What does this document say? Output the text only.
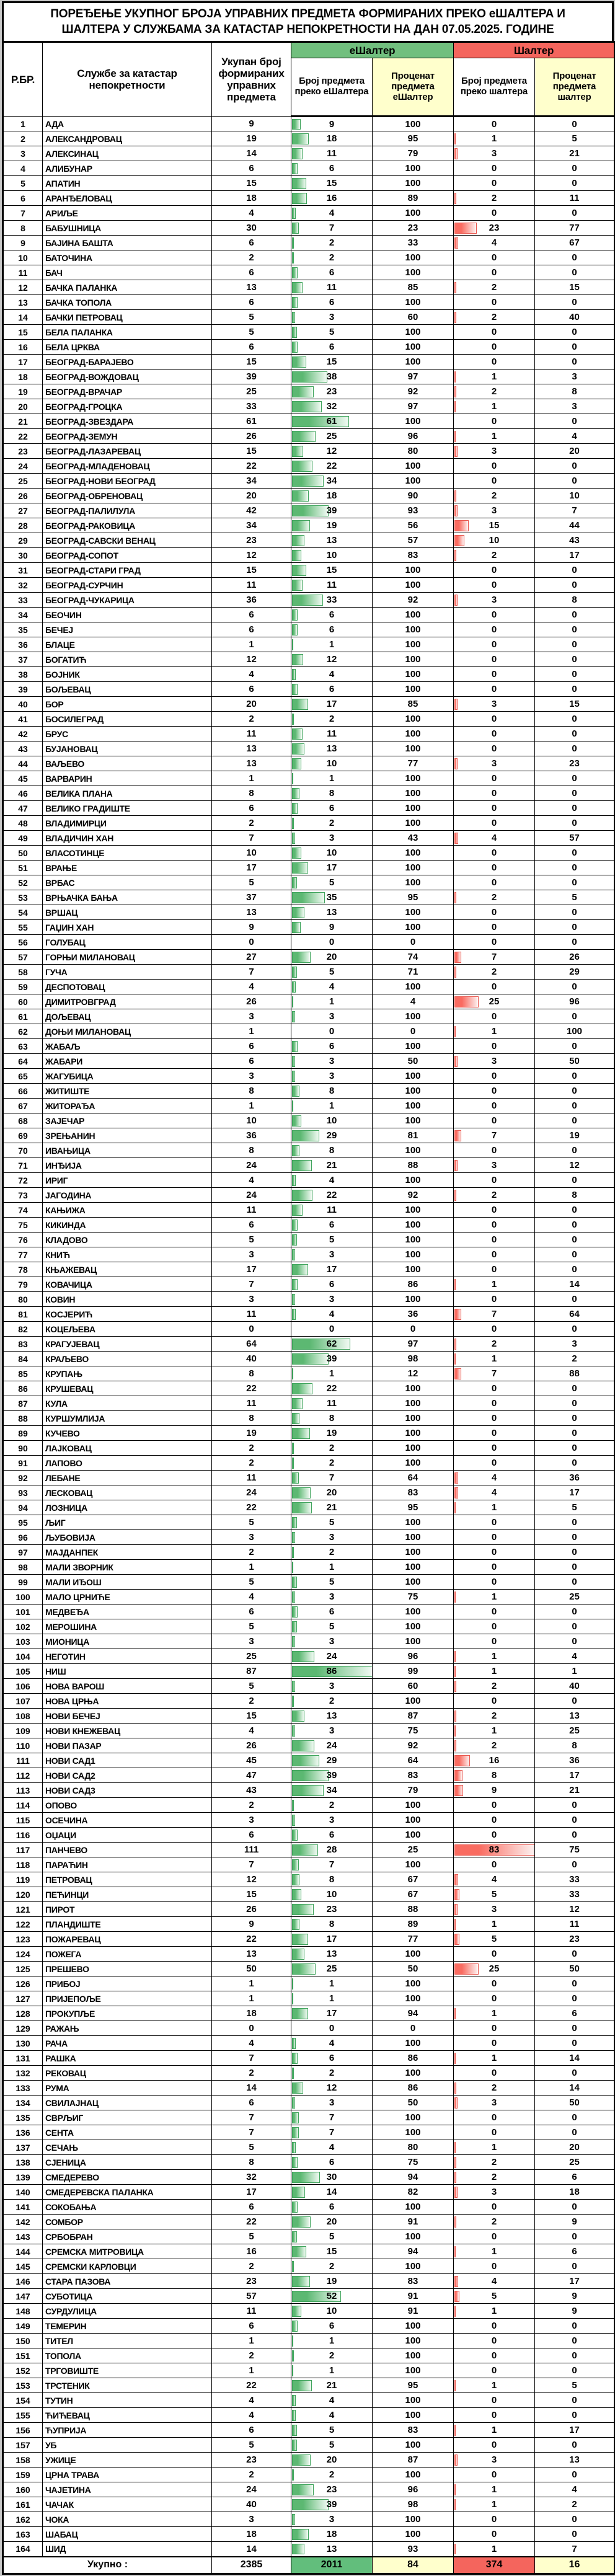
ПОРЕЂЕЊЕ УКУПНОГ БРОЈА УПРАВНИХ ПРЕДМЕТА ФОРМИРАНИХ ПРЕКО еШАЛТЕРА И
ШАЛТЕРА У СЛУЖБАМА ЗА КАТАСТАР НЕПОКРЕТНОСТИ НА ДАН 07.05.2025. ГОДИНЕ
Р.БР.	Службе за катастар непокретности	Укупан број формираних управних предмета	еШалтер		Шалтер	
			Број предмета преко еШалтера	Проценат предмета еШалтер	Број предмета преко шалтера	Проценат предмета шалтер
1	АДА	9	9	100	0	0
2	АЛЕКСАНДРОВАЦ	19	18	95	1	5
3	АЛЕКСИНАЦ	14	11	79	3	21
4	АЛИБУНАР	6	6	100	0	0
5	АПАТИН	15	15	100	0	0
6	АРАНЂЕЛОВАЦ	18	16	89	2	11
7	АРИЉЕ	4	4	100	0	0
8	БАБУШНИЦА	30	7	23	23	77
9	БАЈИНА БАШТА	6	2	33	4	67
10	БАТОЧИНА	2	2	100	0	0
11	БАЧ	6	6	100	0	0
12	БАЧКА ПАЛАНКА	13	11	85	2	15
13	БАЧКА ТОПОЛА	6	6	100	0	0
14	БАЧКИ ПЕТРОВАЦ	5	3	60	2	40
15	БЕЛА ПАЛАНКА	5	5	100	0	0
16	БЕЛА ЦРКВА	6	6	100	0	0
17	БЕОГРАД-БАРАЈЕВО	15	15	100	0	0
18	БЕОГРАД-ВОЖДОВАЦ	39	38	97	1	3
19	БЕОГРАД-ВРАЧАР	25	23	92	2	8
20	БЕОГРАД-ГРОЦКА	33	32	97	1	3
21	БЕОГРАД-ЗВЕЗДАРА	61	61	100	0	0
22	БЕОГРАД-ЗЕМУН	26	25	96	1	4
23	БЕОГРАД-ЛАЗАРЕВАЦ	15	12	80	3	20
24	БЕОГРАД-МЛАДЕНОВАЦ	22	22	100	0	0
25	БЕОГРАД-НОВИ БЕОГРАД	34	34	100	0	0
26	БЕОГРАД-ОБРЕНОВАЦ	20	18	90	2	10
27	БЕОГРАД-ПАЛИЛУЛА	42	39	93	3	7
28	БЕОГРАД-РАКОВИЦА	34	19	56	15	44
29	БЕОГРАД-САВСКИ ВЕНАЦ	23	13	57	10	43
30	БЕОГРАД-СОПОТ	12	10	83	2	17
31	БЕОГРАД-СТАРИ ГРАД	15	15	100	0	0
32	БЕОГРАД-СУРЧИН	11	11	100	0	0
33	БЕОГРАД-ЧУКАРИЦА	36	33	92	3	8
34	БЕОЧИН	6	6	100	0	0
35	БЕЧЕЈ	6	6	100	0	0
36	БЛАЦЕ	1	1	100	0	0
37	БОГАТИЋ	12	12	100	0	0
38	БОЈНИК	4	4	100	0	0
39	БОЉЕВАЦ	6	6	100	0	0
40	БОР	20	17	85	3	15
41	БОСИЛЕГРАД	2	2	100	0	0
42	БРУС	11	11	100	0	0
43	БУЈАНОВАЦ	13	13	100	0	0
44	ВАЉЕВО	13	10	77	3	23
45	ВАРВАРИН	1	1	100	0	0
46	ВЕЛИКА ПЛАНА	8	8	100	0	0
47	ВЕЛИКО ГРАДИШТЕ	6	6	100	0	0
48	ВЛАДИМИРЦИ	2	2	100	0	0
49	ВЛАДИЧИН ХАН	7	3	43	4	57
50	ВЛАСОТИНЦЕ	10	10	100	0	0
51	ВРАЊЕ	17	17	100	0	0
52	ВРБАС	5	5	100	0	0
53	ВРЊАЧКА БАЊА	37	35	95	2	5
54	ВРШАЦ	13	13	100	0	0
55	ГАЏИН ХАН	9	9	100	0	0
56	ГОЛУБАЦ	0	0	0	0	0
57	ГОРЊИ МИЛАНОВАЦ	27	20	74	7	26
58	ГУЧА	7	5	71	2	29
59	ДЕСПОТОВАЦ	4	4	100	0	0
60	ДИМИТРОВГРАД	26	1	4	25	96
61	ДОЉЕВАЦ	3	3	100	0	0
62	ДОЊИ МИЛАНОВАЦ	1	0	0	1	100
63	ЖАБАЉ	6	6	100	0	0
64	ЖАБАРИ	6	3	50	3	50
65	ЖАГУБИЦА	3	3	100	0	0
66	ЖИТИШТЕ	8	8	100	0	0
67	ЖИТОРАЂА	1	1	100	0	0
68	ЗАЈЕЧАР	10	10	100	0	0
69	ЗРЕЊАНИН	36	29	81	7	19
70	ИВАЊИЦА	8	8	100	0	0
71	ИНЂИЈА	24	21	88	3	12
72	ИРИГ	4	4	100	0	0
73	ЈАГОДИНА	24	22	92	2	8
74	КАЊИЖА	11	11	100	0	0
75	КИКИНДА	6	6	100	0	0
76	КЛАДОВО	5	5	100	0	0
77	КНИЋ	3	3	100	0	0
78	КЊАЖЕВАЦ	17	17	100	0	0
79	КОВАЧИЦА	7	6	86	1	14
80	КОВИН	3	3	100	0	0
81	КОСЈЕРИЋ	11	4	36	7	64
82	КОЦЕЉЕВА	0	0	0	0	0
83	КРАГУЈЕВАЦ	64	62	97	2	3
84	КРАЉЕВО	40	39	98	1	2
85	КРУПАЊ	8	1	12	7	88
86	КРУШЕВАЦ	22	22	100	0	0
87	КУЛА	11	11	100	0	0
88	КУРШУМЛИЈА	8	8	100	0	0
89	КУЧЕВО	19	19	100	0	0
90	ЛАЈКОВАЦ	2	2	100	0	0
91	ЛАПОВО	2	2	100	0	0
92	ЛЕБАНЕ	11	7	64	4	36
93	ЛЕСКОВАЦ	24	20	83	4	17
94	ЛОЗНИЦА	22	21	95	1	5
95	ЉИГ	5	5	100	0	0
96	ЉУБОВИЈА	3	3	100	0	0
97	МАЈДАНПЕК	2	2	100	0	0
98	МАЛИ ЗВОРНИК	1	1	100	0	0
99	МАЛИ ИЂОШ	5	5	100	0	0
100	МАЛО ЦРНИЋЕ	4	3	75	1	25
101	МЕДВЕЂА	6	6	100	0	0
102	МЕРОШИНА	5	5	100	0	0
103	МИОНИЦА	3	3	100	0	0
104	НЕГОТИН	25	24	96	1	4
105	НИШ	87	86	99	1	1
106	НОВА ВАРОШ	5	3	60	2	40
107	НОВА ЦРЊА	2	2	100	0	0
108	НОВИ БЕЧЕЈ	15	13	87	2	13
109	НОВИ КНЕЖЕВАЦ	4	3	75	1	25
110	НОВИ ПАЗАР	26	24	92	2	8
111	НОВИ САД1	45	29	64	16	36
112	НОВИ САД2	47	39	83	8	17
113	НОВИ САД3	43	34	79	9	21
114	ОПОВО	2	2	100	0	0
115	ОСЕЧИНА	3	3	100	0	0
116	ОЏАЦИ	6	6	100	0	0
117	ПАНЧЕВО	111	28	25	83	75
118	ПАРАЋИН	7	7	100	0	0
119	ПЕТРОВАЦ	12	8	67	4	33
120	ПЕЋИНЦИ	15	10	67	5	33
121	ПИРОТ	26	23	88	3	12
122	ПЛАНДИШТЕ	9	8	89	1	11
123	ПОЖАРЕВАЦ	22	17	77	5	23
124	ПОЖЕГА	13	13	100	0	0
125	ПРЕШЕВО	50	25	50	25	50
126	ПРИБОЈ	1	1	100	0	0
127	ПРИЈЕПОЉЕ	1	1	100	0	0
128	ПРОКУПЉЕ	18	17	94	1	6
129	РАЖАЊ	0	0	0	0	0
130	РАЧА	4	4	100	0	0
131	РАШКА	7	6	86	1	14
132	РЕКОВАЦ	2	2	100	0	0
133	РУМА	14	12	86	2	14
134	СВИЛАЈНАЦ	6	3	50	3	50
135	СВРЉИГ	7	7	100	0	0
136	СЕНТА	7	7	100	0	0
137	СЕЧАЊ	5	4	80	1	20
138	СЈЕНИЦА	8	6	75	2	25
139	СМЕДЕРЕВО	32	30	94	2	6
140	СМЕДЕРЕВСКА ПАЛАНКА	17	14	82	3	18
141	СОКОБАЊА	6	6	100	0	0
142	СОМБОР	22	20	91	2	9
143	СРБОБРАН	5	5	100	0	0
144	СРЕМСКА МИТРОВИЦА	16	15	94	1	6
145	СРЕМСКИ КАРЛОВЦИ	2	2	100	0	0
146	СТАРА ПАЗОВА	23	19	83	4	17
147	СУБОТИЦА	57	52	91	5	9
148	СУРДУЛИЦА	11	10	91	1	9
149	ТЕМЕРИН	6	6	100	0	0
150	ТИТЕЛ	1	1	100	0	0
151	ТОПОЛА	2	2	100	0	0
152	ТРГОВИШТЕ	1	1	100	0	0
153	ТРСТЕНИК	22	21	95	1	5
154	ТУТИН	4	4	100	0	0
155	ЋИЋЕВАЦ	4	4	100	0	0
156	ЋУПРИЈА	6	5	83	1	17
157	УБ	5	5	100	0	0
158	УЖИЦЕ	23	20	87	3	13
159	ЦРНА ТРАВА	2	2	100	0	0
160	ЧАЈЕТИНА	24	23	96	1	4
161	ЧАЧАК	40	39	98	1	2
162	ЧОКА	3	3	100	0	0
163	ШАБАЦ	18	18	100	0	0
164	ШИД	14	13	93	1	7
Укупно :		2385	2011	84	374	16
